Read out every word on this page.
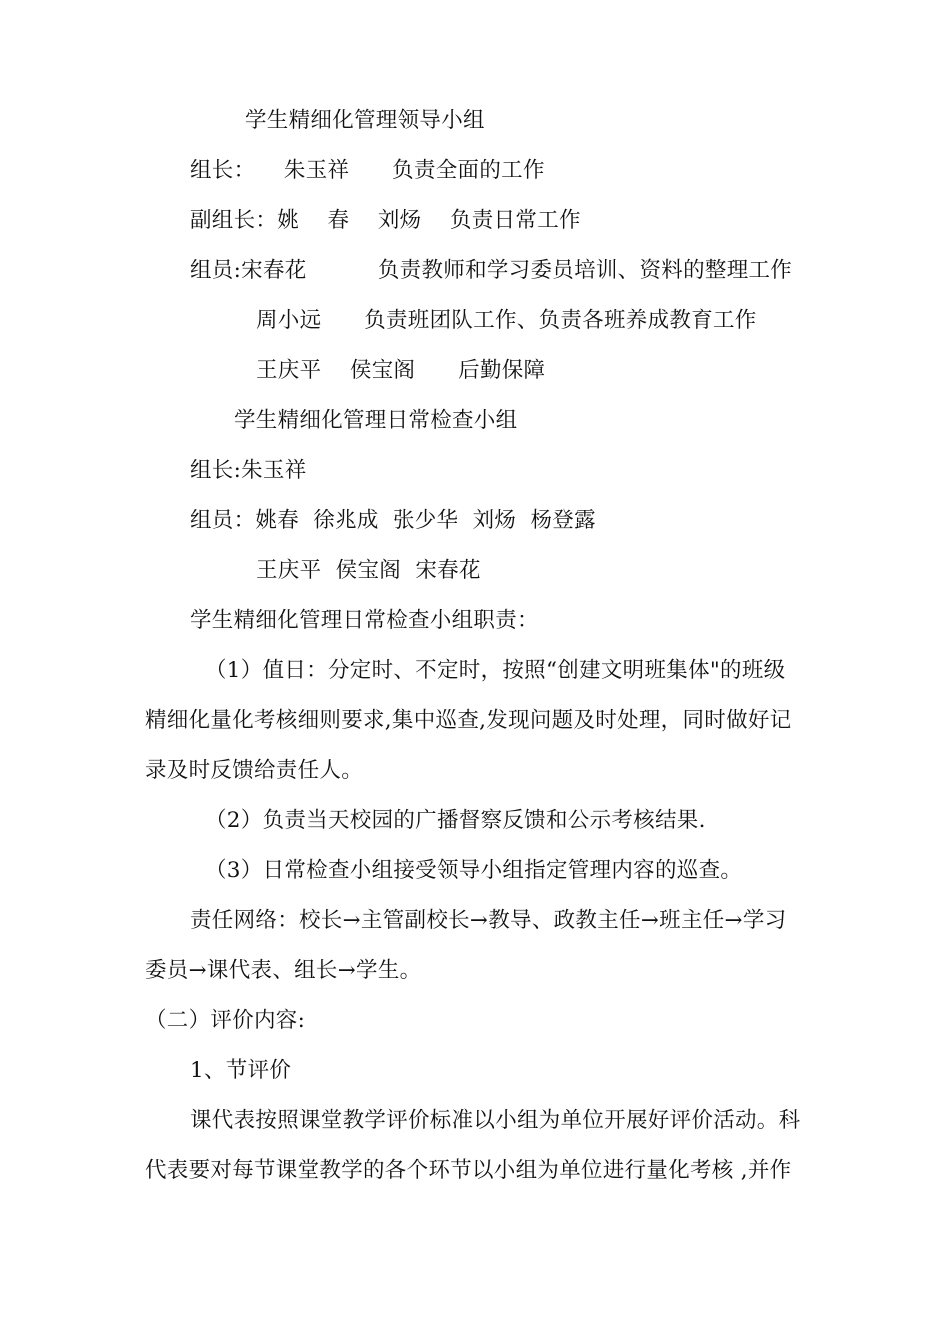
学生精细化管理领导小组
组长：    朱玉祥      负责全面的工作
副组长：姚    春    刘炀    负责日常工作
组员:宋春花          负责教师和学习委员培训、资料的整理工作
周小远      负责班团队工作、负责各班养成教育工作
王庆平    侯宝阁      后勤保障
学生精细化管理日常检查小组
组长:朱玉祥
组员：姚春  徐兆成  张少华  刘炀  杨登露
王庆平  侯宝阁  宋春花
学生精细化管理日常检查小组职责：
（1）值日：分定时、不定时，按照“创建文明班集体"的班级
精细化量化考核细则要求,集中巡查,发现问题及时处理，同时做好记
录及时反馈给责任人。
（2）负责当天校园的广播督察反馈和公示考核结果.
（3）日常检查小组接受领导小组指定管理内容的巡查。
责任网络：校长→主管副校长→教导、政教主任→班主任→学习
委员→课代表、组长→学生。
（二）评价内容:
1、节评价
课代表按照课堂教学评价标准以小组为单位开展好评价活动。科
代表要对每节课堂教学的各个环节以小组为单位进行量化考核 ,并作
